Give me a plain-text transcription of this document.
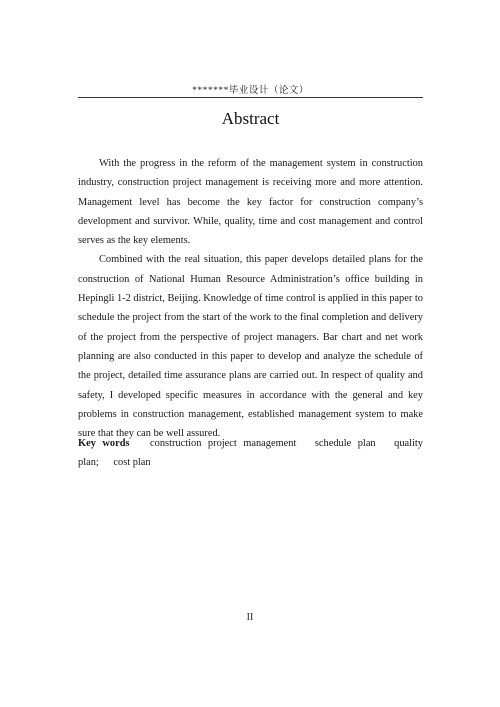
*******毕业设计（论文）
Abstract

With the progress in the reform of the management system in construction industry, construction project management is receiving more and more attention. Management level has become the key factor for construction company’s development and survivor. While, quality, time and cost management and control serves as the key elements.

Combined with the real situation, this paper develops detailed plans for the construction of National Human Resource Administration’s office building in Hepingli 1-2 district, Beijing. Knowledge of time control is applied in this paper to schedule the project from the start of the work to the final completion and delivery of the project from the perspective of project managers. Bar chart and net work planning are also conducted in this paper to develop and analyze the schedule of the project, detailed time assurance plans are carried out. In respect of quality and safety, I developed specific measures in accordance with the general and key problems in construction management, established management system to make sure that they can be well assured.

Key words construction project management schedule plan quality plan; cost plan
II
